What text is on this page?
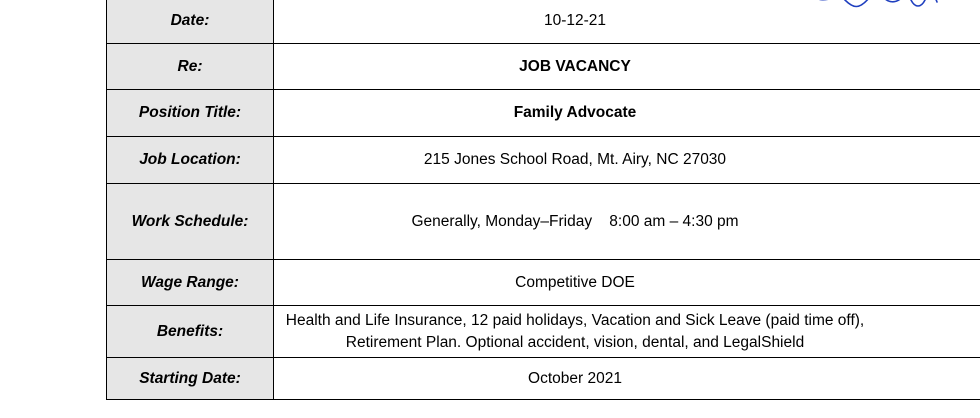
Date:	10-12-21

Re:	JOB VACANCY

Position Title:	Family Advocate

Job Location:	215 Jones School Road, Mt. Airy, NC 27030

Work Schedule:	Generally, Monday–Friday    8:00 am – 4:30 pm

Wage Range:	Competitive DOE

Benefits:	Health and Life Insurance, 12 paid holidays, Vacation and Sick Leave (paid time off), Retirement Plan. Optional accident, vision, dental, and LegalShield

Starting Date:	October 2021
